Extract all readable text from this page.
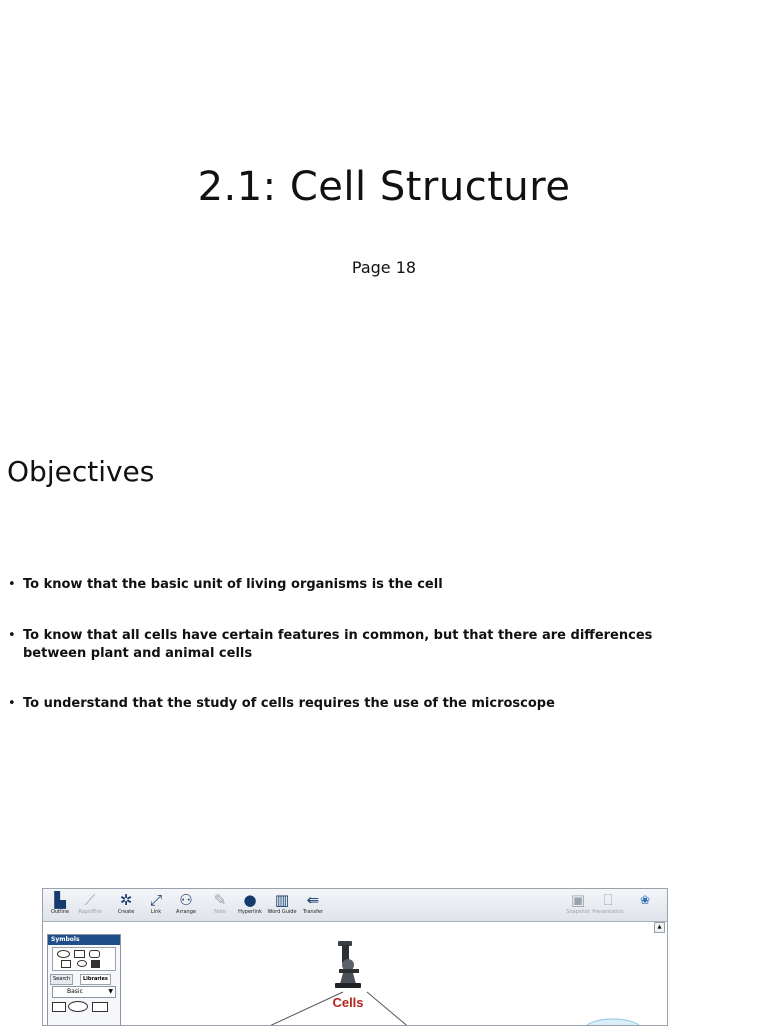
2.1: Cell Structure
Page 18
Objectives
• To know that the basic unit of living organisms is the cell
• To know that all cells have certain features in common, but that there are differences between plant and animal cells
• To understand that the study of cells requires the use of the microscope
▙
Outline
⟋
RapidFire
✲
Create
⤢
Link
⚇
Arrange
✎
Note
●
Hyperlink
▥
Word Guide
⇚
Transfer
▣
Snapshot
⎕
Presentation
❀
▲
Symbols
Search	Libraries
Basic	▼
Cells
